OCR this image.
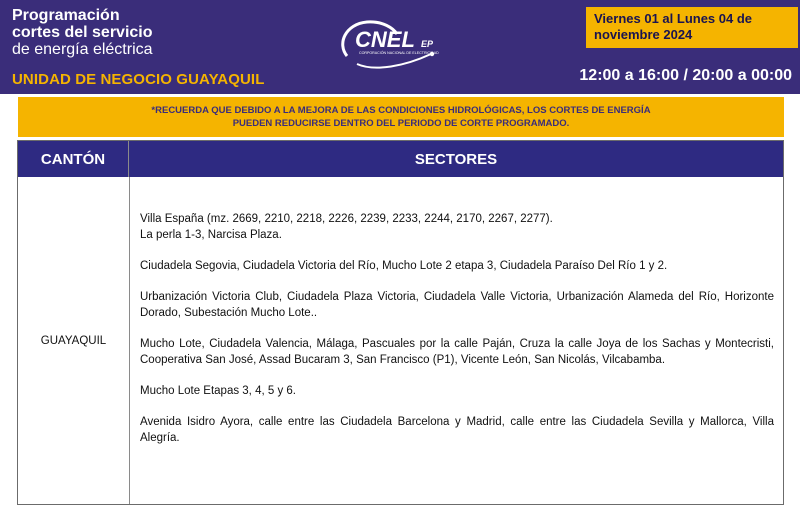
Programación
cortes del servicio
de energía eléctrica	CNEL EP
CORPORACIÓN NACIONAL DE ELECTRICIDAD
Viernes 01 al Lunes 04 de noviembre 2024
UNIDAD DE NEGOCIO GUAYAQUIL	12:00 a 16:00 / 20:00 a 00:00
*RECUERDA QUE DEBIDO A LA MEJORA DE LAS CONDICIONES HIDROLÓGICAS, LOS CORTES DE ENERGÍA
PUEDEN REDUCIRSE DENTRO DEL PERIODO DE CORTE PROGRAMADO.
CANTÓN	SECTORES
GUAYAQUIL

Villa España (mz. 2669, 2210, 2218, 2226, 2239, 2233, 2244, 2170, 2267, 2277).

La perla 1-3, Narcisa Plaza.

Ciudadela Segovia, Ciudadela Victoria del Río, Mucho Lote 2 etapa 3, Ciudadela Paraíso Del Río 1 y 2.

Urbanización Victoria Club, Ciudadela Plaza Victoria, Ciudadela Valle Victoria, Urbanización Alameda del Río, Horizonte Dorado, Subestación Mucho Lote..

Mucho Lote, Ciudadela Valencia, Málaga, Pascuales por la calle Paján, Cruza la calle Joya de los Sachas y Montecristi, Cooperativa San José, Assad Bucaram 3, San Francisco (P1), Vicente León, San Nicolás, Vilcabamba.

Mucho Lote Etapas 3, 4, 5 y 6.

Avenida Isidro Ayora, calle entre las Ciudadela Barcelona y Madrid, calle entre las Ciudadela Sevilla y Mallorca, Villa Alegría.
